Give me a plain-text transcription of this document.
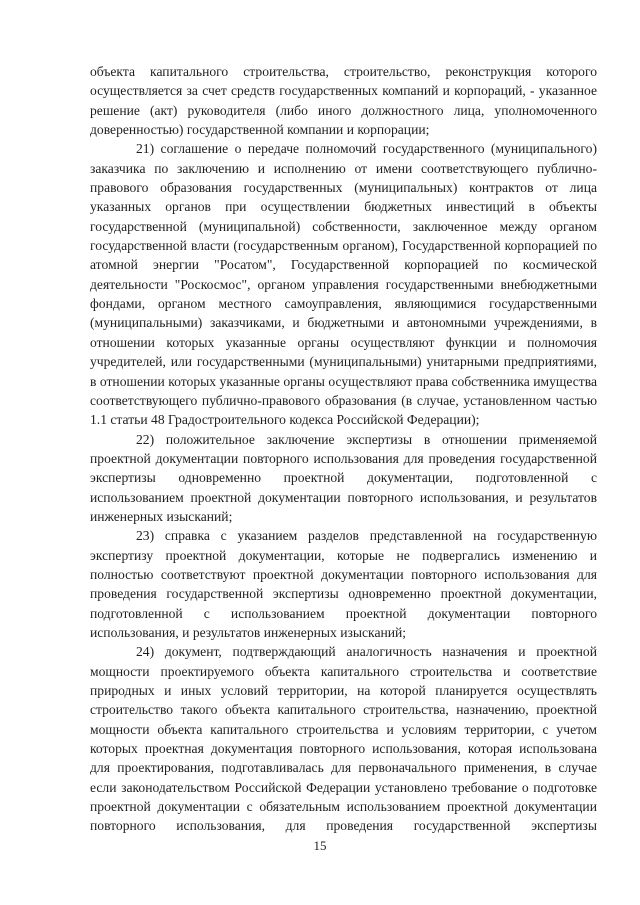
объекта капитального строительства, строительство, реконструкция которого осуществляется за счет средств государственных компаний и корпораций, - указанное решение (акт) руководителя (либо иного должностного лица, уполномоченного доверенностью) государственной компании и корпорации;

21) соглашение о передаче полномочий государственного (муниципального) заказчика по заключению и исполнению от имени соответствующего публично-правового образования государственных (муниципальных) контрактов от лица указанных органов при осуществлении бюджетных инвестиций в объекты государственной (муниципальной) собственности, заключенное между органом государственной власти (государственным органом), Государственной корпорацией по атомной энергии "Росатом", Государственной корпорацией по космической деятельности "Роскосмос", органом управления государственными внебюджетными фондами, органом местного самоуправления, являющимися государственными (муниципальными) заказчиками, и бюджетными и автономными учреждениями, в отношении которых указанные органы осуществляют функции и полномочия учредителей, или государственными (муниципальными) унитарными предприятиями, в отношении которых указанные органы осуществляют права собственника имущества соответствующего публично-правового образования (в случае, установленном частью 1.1 статьи 48 Градостроительного кодекса Российской Федерации);

22) положительное заключение экспертизы в отношении применяемой проектной документации повторного использования для проведения государственной экспертизы одновременно проектной документации, подготовленной с использованием проектной документации повторного использования, и результатов инженерных изысканий;

23) справка с указанием разделов представленной на государственную экспертизу проектной документации, которые не подвергались изменению и полностью соответствуют проектной документации повторного использования для проведения государственной экспертизы одновременно проектной документации, подготовленной с использованием проектной документации повторного использования, и результатов инженерных изысканий;

24) документ, подтверждающий аналогичность назначения и проектной мощности проектируемого объекта капитального строительства и соответствие природных и иных условий территории, на которой планируется осуществлять строительство такого объекта капитального строительства, назначению, проектной мощности объекта капитального строительства и условиям территории, с учетом которых проектная документация повторного использования, которая использована для проектирования, подготавливалась для первоначального применения, в случае если законодательством Российской Федерации установлено требование о подготовке проектной документации с обязательным использованием проектной документации повторного использования, для проведения государственной экспертизы

15
